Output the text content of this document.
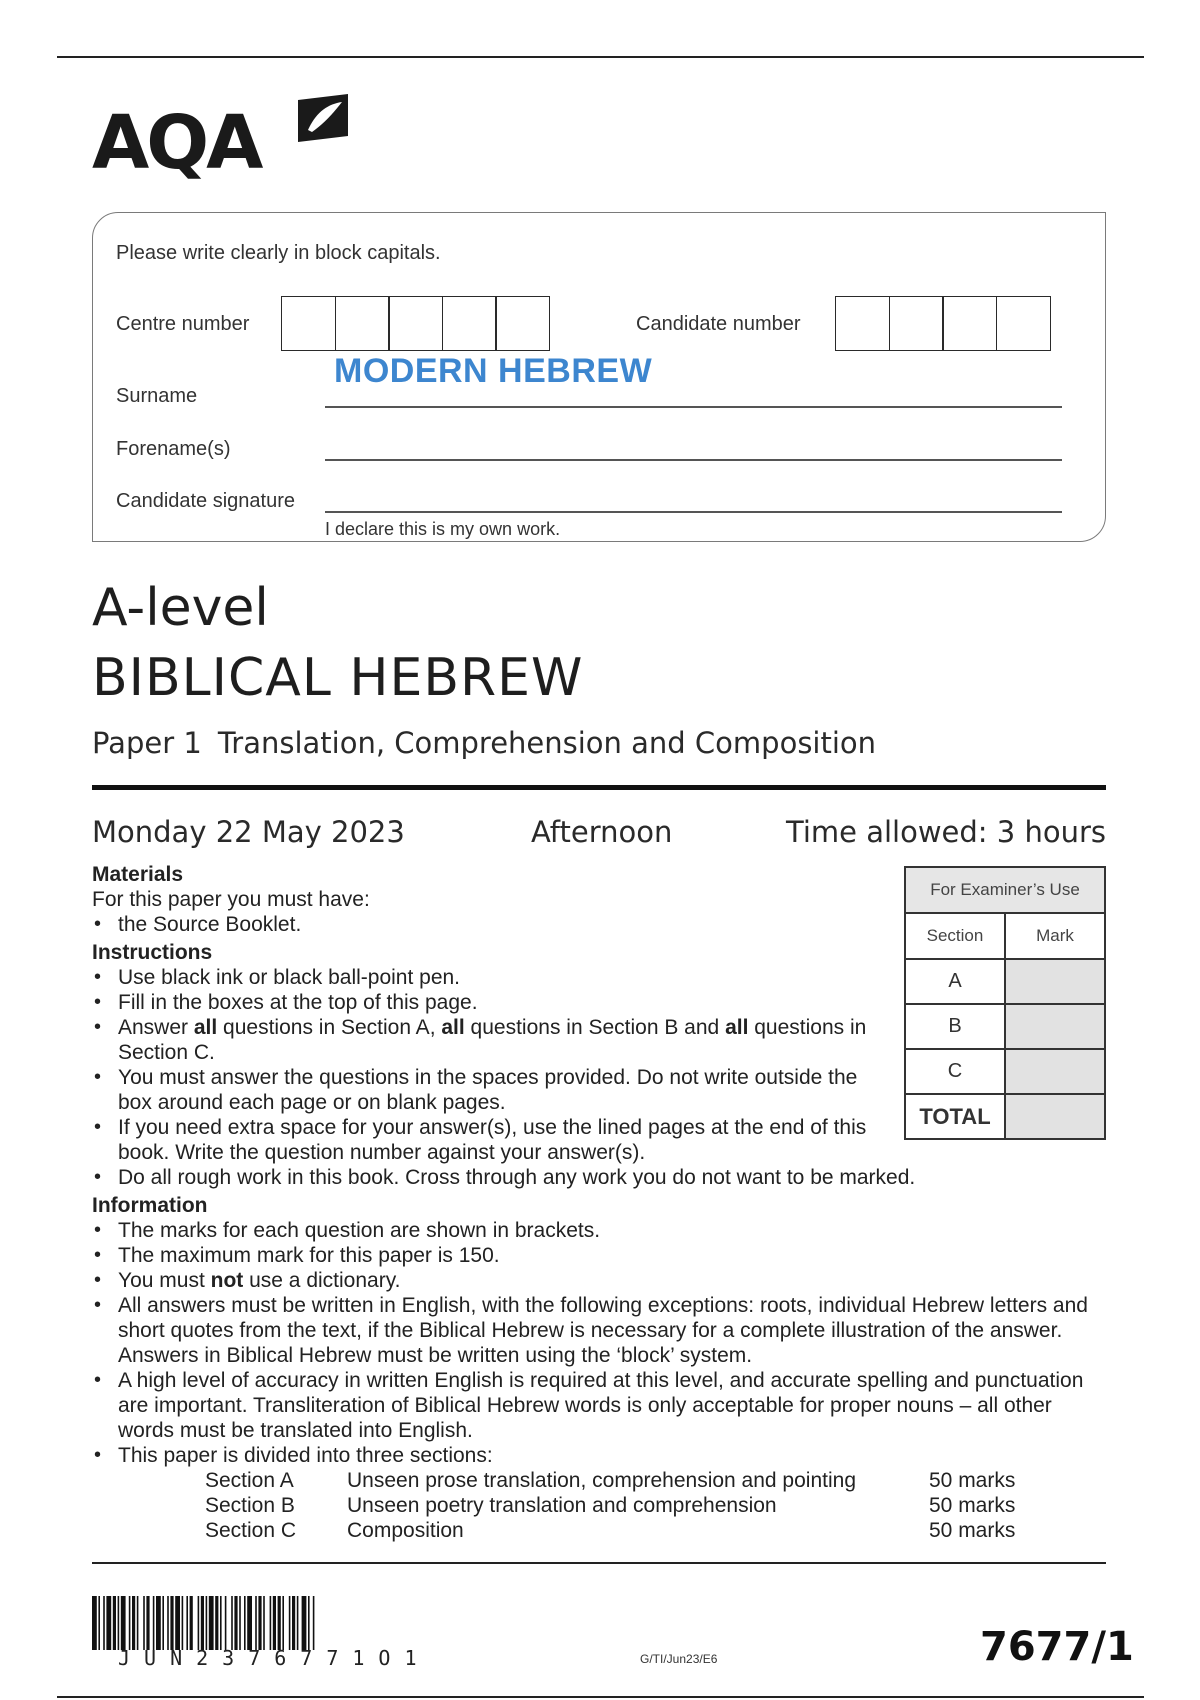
AQA
Please write clearly in block capitals.
Centre number	Candidate number
MODERN HEBREW
Surname
Forename(s)
Candidate signature
I declare this is my own work.
A-level
BIBLICAL HEBREW
Paper 1 Translation, Comprehension and Composition
Monday 22 May 2023	Afternoon	Time allowed: 3 hours
For Examiner’s Use	
Section	Mark
A	
B	
C	
TOTAL	
Materials
For this paper you must have:
• the Source Booklet.
Instructions
• Use black ink or black ball-point pen.
• Fill in the boxes at the top of this page.
• Answer all questions in Section A, all questions in Section B and all questions in Section C.
• You must answer the questions in the spaces provided. Do not write outside the box around each page or on blank pages.
• If you need extra space for your answer(s), use the lined pages at the end of this book. Write the question number against your answer(s).
• Do all rough work in this book. Cross through any work you do not want to be marked.
Information
• The marks for each question are shown in brackets.
• The maximum mark for this paper is 150.
• You must not use a dictionary.
• All answers must be written in English, with the following exceptions: roots, individual Hebrew letters and short quotes from the text, if the Biblical Hebrew is necessary for a complete illustration of the answer. Answers in Biblical Hebrew must be written using the ‘block’ system.
• A high level of accuracy in written English is required at this level, and accurate spelling and punctuation are important. Transliteration of Biblical Hebrew words is only acceptable for proper nouns – all other words must be translated into English.
• This paper is divided into three sections:
Section A	Unseen prose translation, comprehension and pointing	50 marks
Section B	Unseen poetry translation and comprehension	50 marks
Section C	Composition	50 marks
JUN2376771O1	G/TI/Jun23/E6	7677/1
